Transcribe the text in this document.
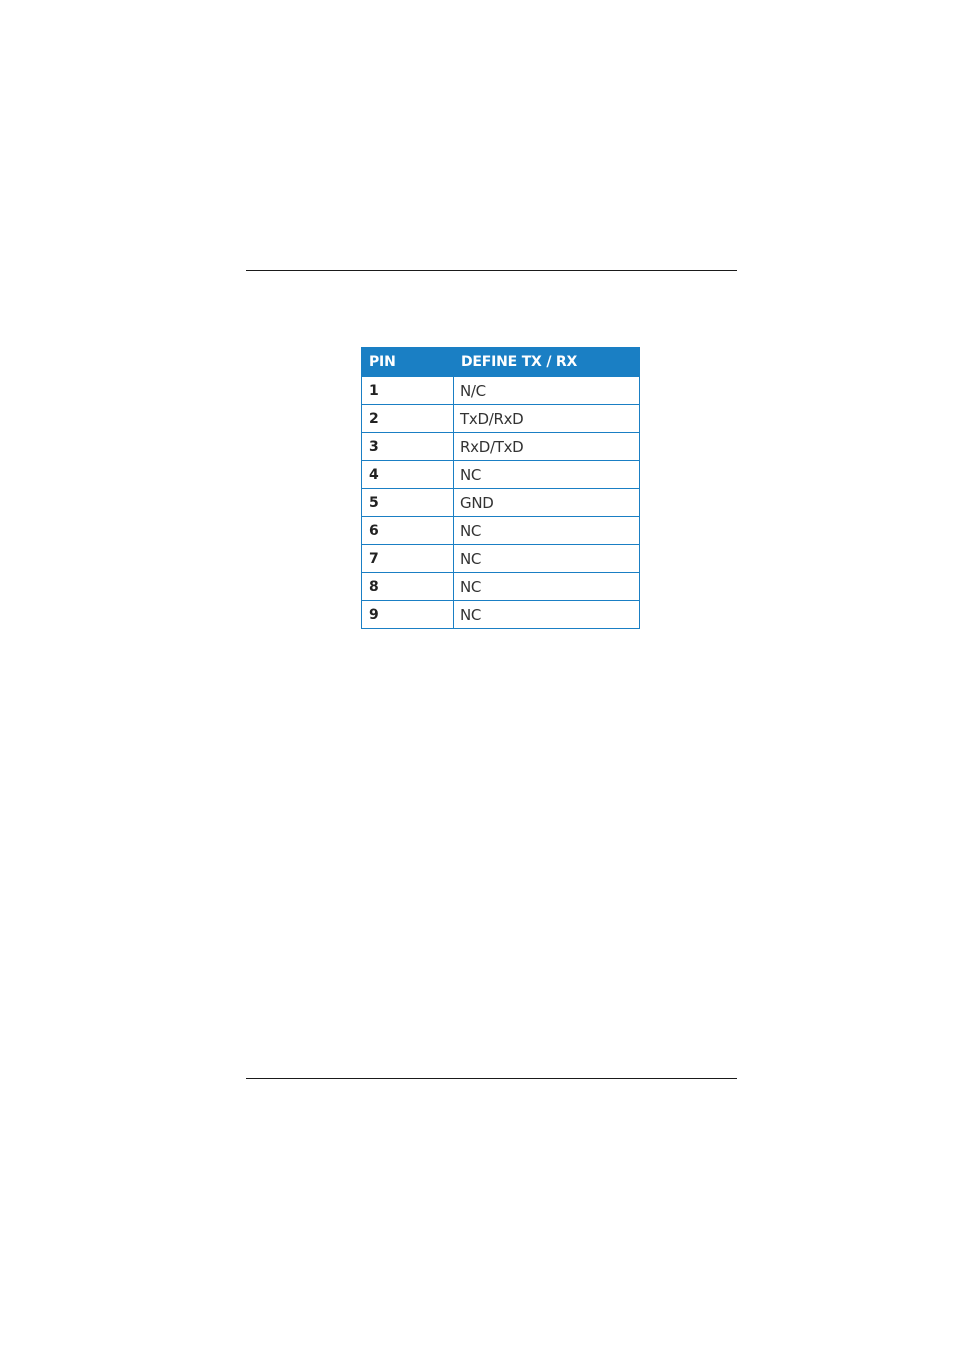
PIN	DEFINE TX / RX
1	N/C
2	TxD/RxD
3	RxD/TxD
4	NC
5	GND
6	NC
7	NC
8	NC
9	NC
